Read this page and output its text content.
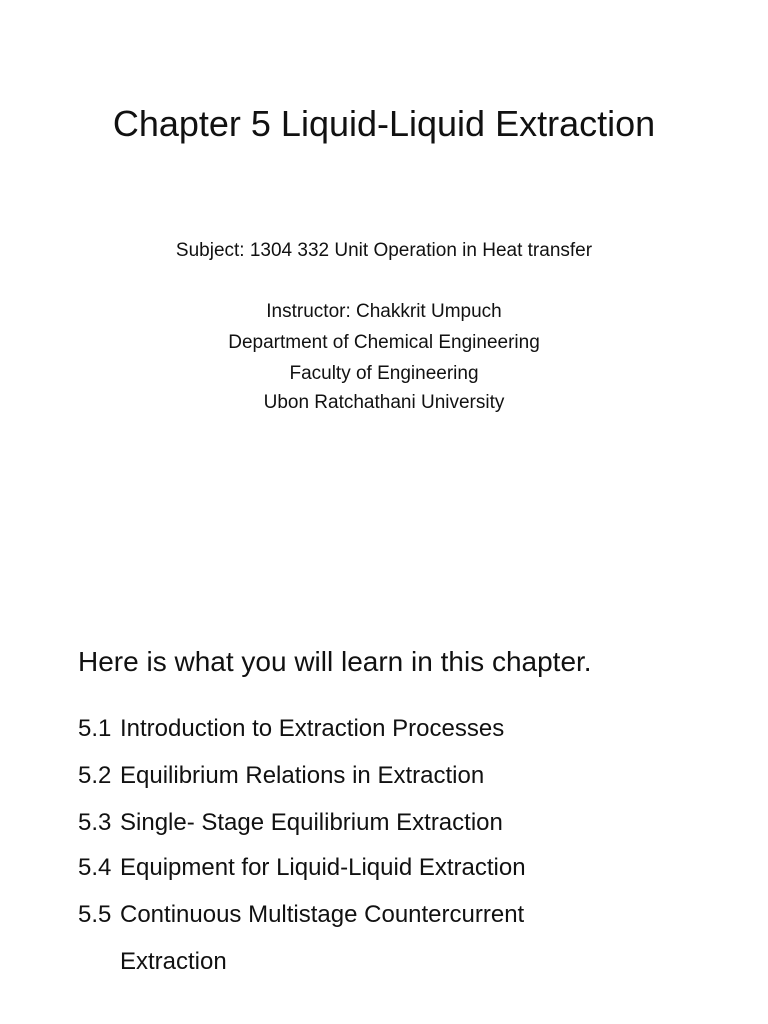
Chapter 5 Liquid-Liquid Extraction
Subject: 1304 332 Unit Operation in Heat transfer
Instructor: Chakkrit Umpuch
Department of Chemical Engineering
Faculty of Engineering
Ubon Ratchathani University
Here is what you will learn in this chapter.
5.1 Introduction to Extraction Processes
5.2 Equilibrium Relations in Extraction
5.3 Single- Stage Equilibrium Extraction
5.4 Equipment for Liquid-Liquid Extraction
5.5 Continuous Multistage Countercurrent
Extraction
